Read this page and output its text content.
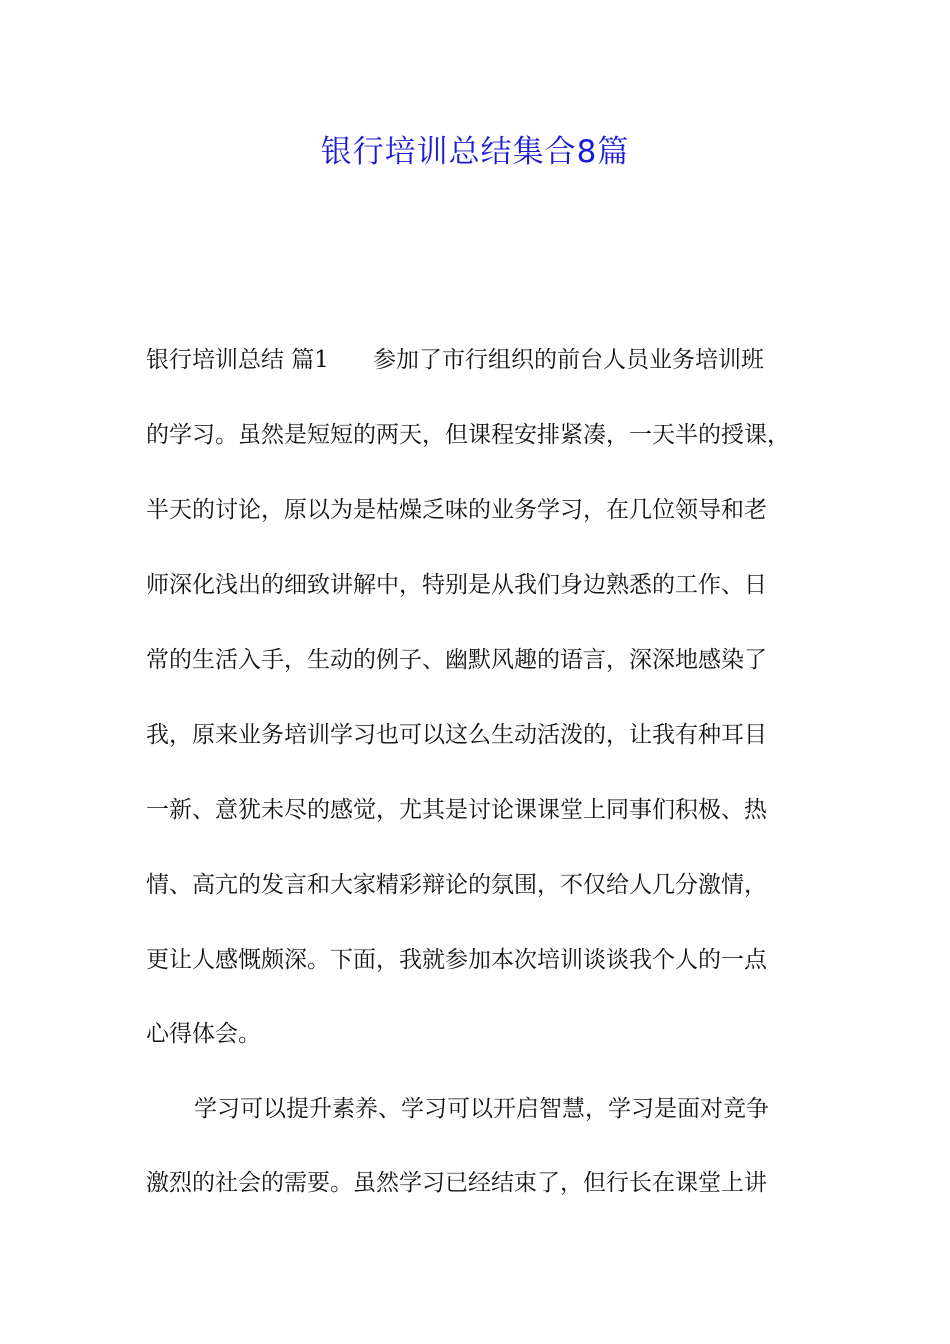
银行培训总结集合8篇
银行培训总结 篇1 参加了市行组织的前台人员业务培训班
的学习。虽然是短短的两天，但课程安排紧凑，一天半的授课，
半天的讨论，原以为是枯燥乏味的业务学习，在几位领导和老
师深化浅出的细致讲解中，特别是从我们身边熟悉的工作、日
常的生活入手，生动的例子、幽默风趣的语言，深深地感染了
我，原来业务培训学习也可以这么生动活泼的，让我有种耳目
一新、意犹未尽的感觉，尤其是讨论课课堂上同事们积极、热
情、高亢的发言和大家精彩辩论的氛围，不仅给人几分激情，
更让人感慨颇深。下面，我就参加本次培训谈谈我个人的一点
心得体会。
学习可以提升素养、学习可以开启智慧，学习是面对竞争
激烈的社会的需要。虽然学习已经结束了，但行长在课堂上讲
